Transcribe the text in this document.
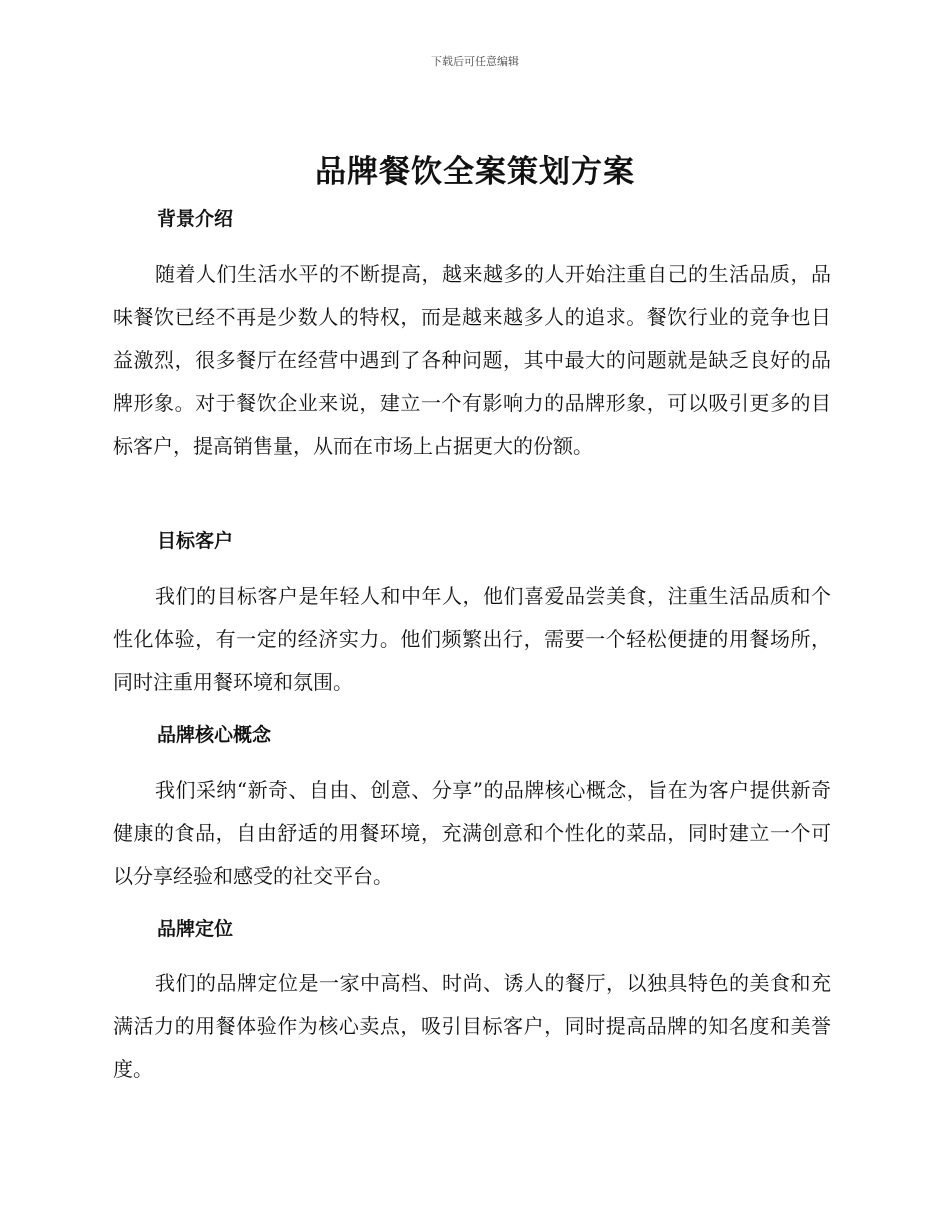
下载后可任意编辑
品牌餐饮全案策划方案
背景介绍

随着人们生活水平的不断提高，越来越多的人开始注重自己的生活品质，品味餐饮已经不再是少数人的特权，而是越来越多人的追求。餐饮行业的竞争也日益激烈，很多餐厅在经营中遇到了各种问题，其中最大的问题就是缺乏良好的品牌形象。对于餐饮企业来说，建立一个有影响力的品牌形象，可以吸引更多的目标客户，提高销售量，从而在市场上占据更大的份额。

目标客户

我们的目标客户是年轻人和中年人，他们喜爱品尝美食，注重生活品质和个性化体验，有一定的经济实力。他们频繁出行，需要一个轻松便捷的用餐场所，同时注重用餐环境和氛围。

品牌核心概念

我们采纳“新奇、自由、创意、分享”的品牌核心概念，旨在为客户提供新奇健康的食品，自由舒适的用餐环境，充满创意和个性化的菜品，同时建立一个可以分享经验和感受的社交平台。

品牌定位

我们的品牌定位是一家中高档、时尚、诱人的餐厅，以独具特色的美食和充满活力的用餐体验作为核心卖点，吸引目标客户，同时提高品牌的知名度和美誉度。
